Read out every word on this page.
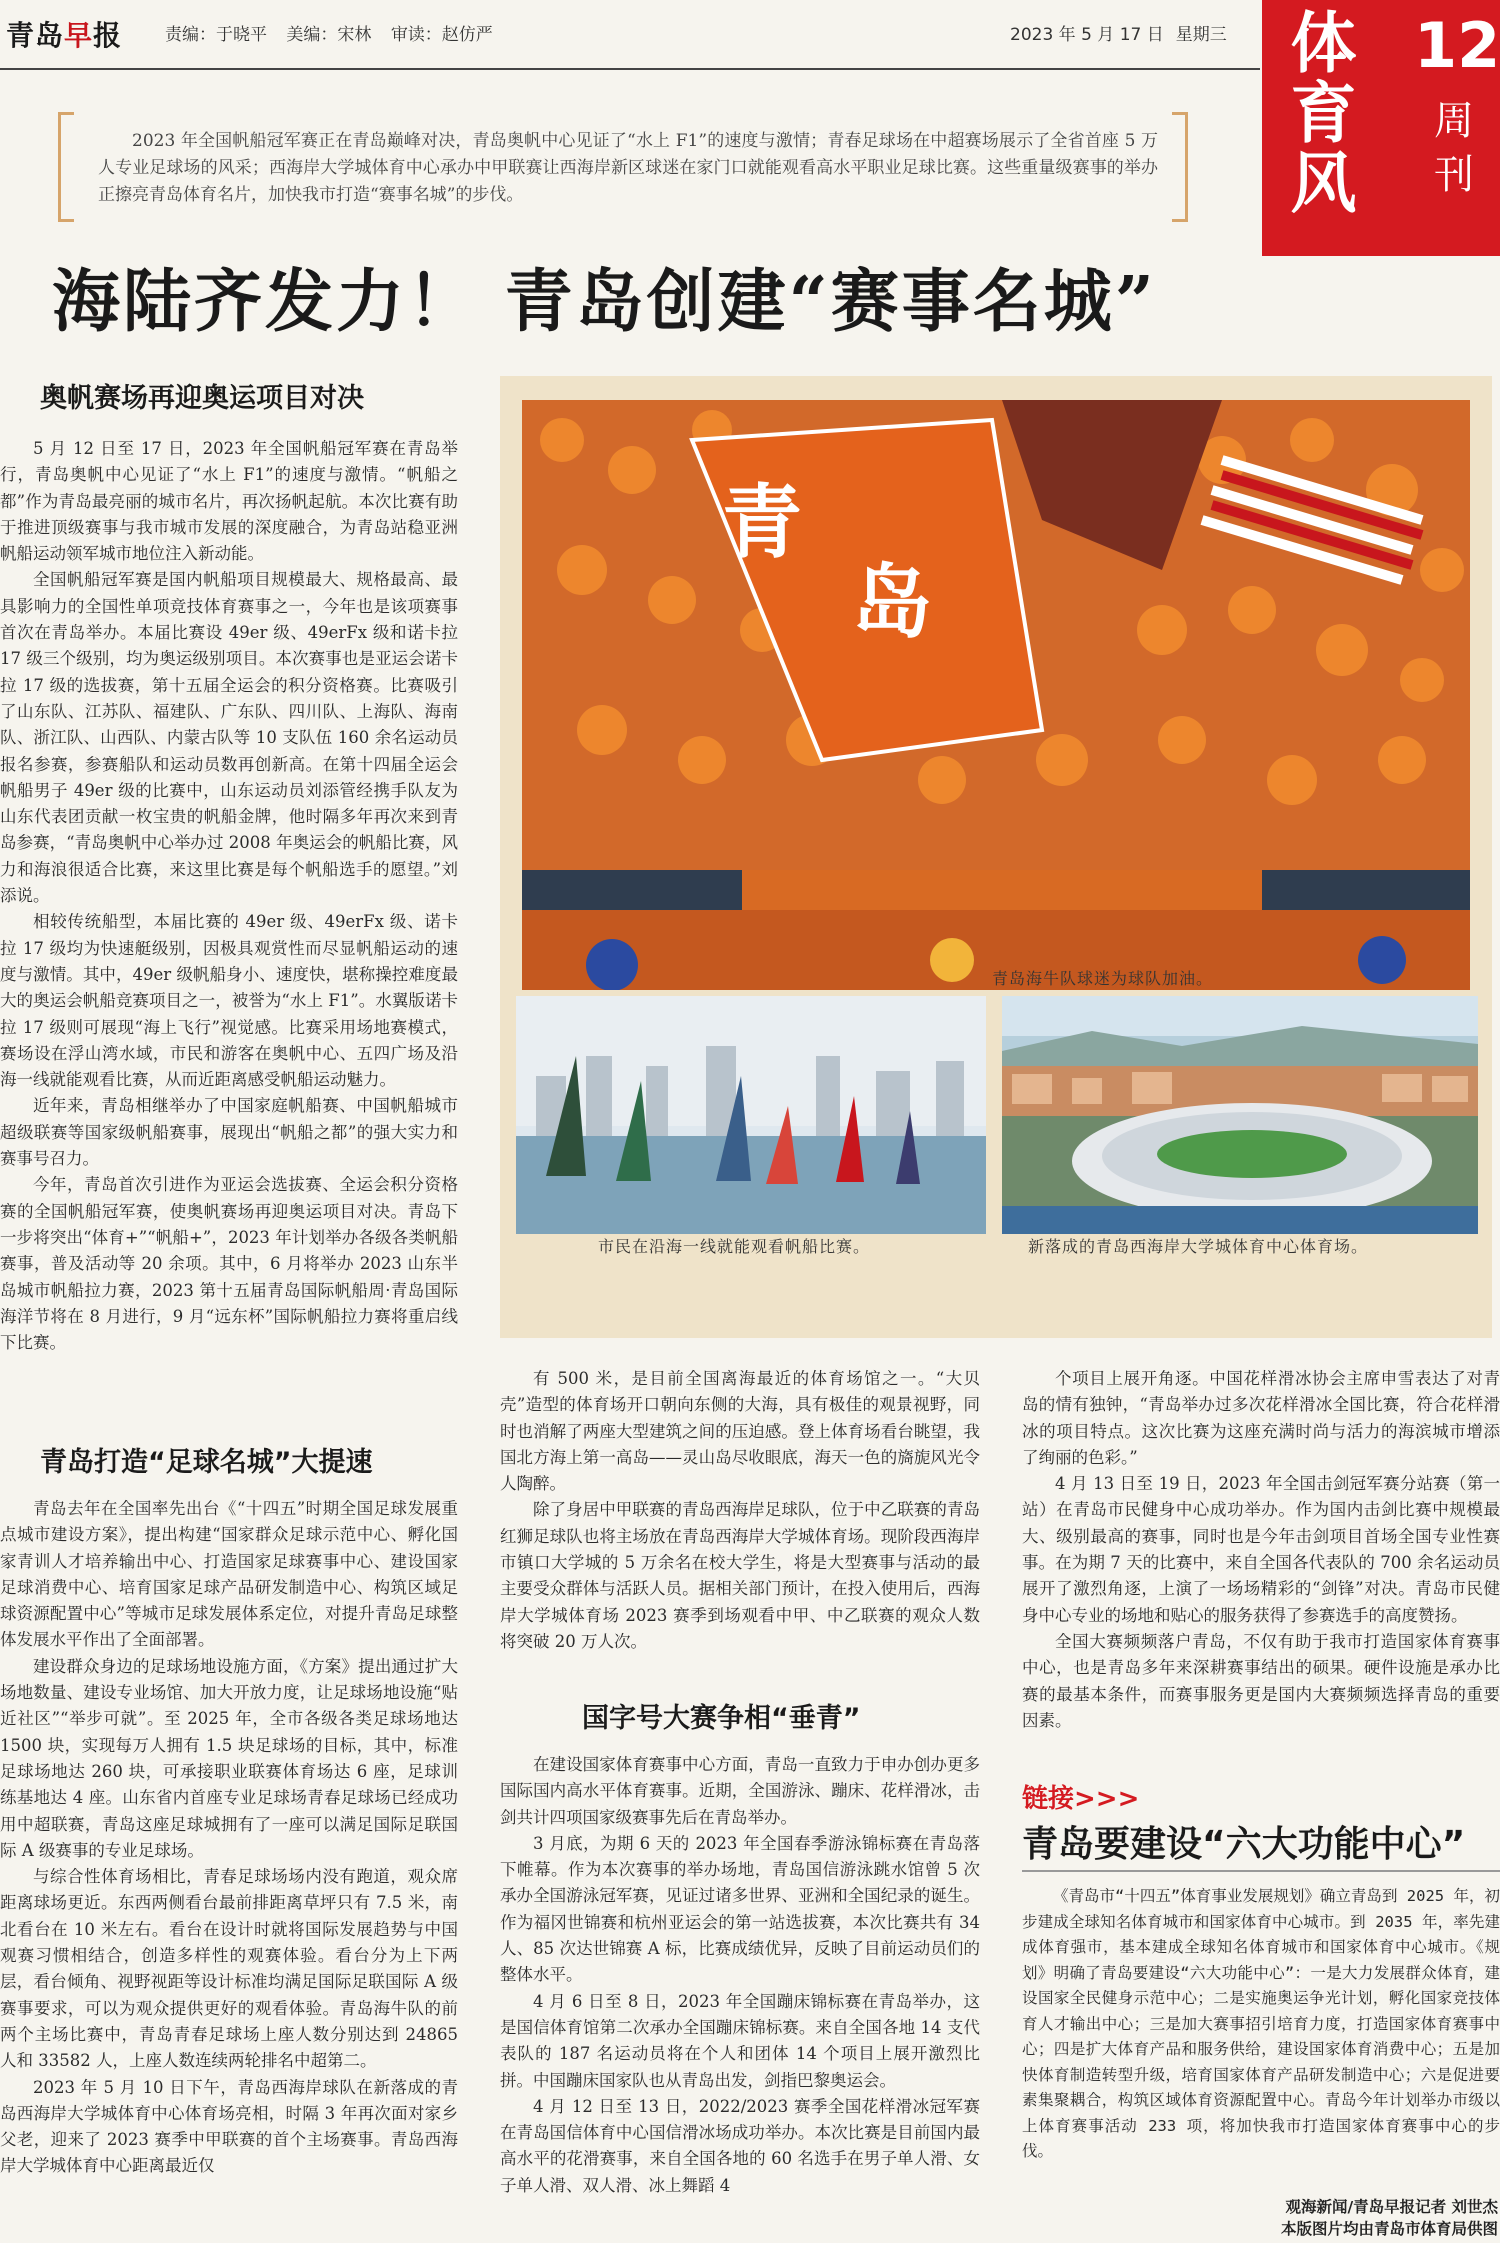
青岛早报	责编：于晓平 美编：宋林 审读：赵仿严	2023 年 5 月 17 日 星期三 体育风 12
周
刊

2023 年全国帆船冠军赛正在青岛巅峰对决，青岛奥帆中心见证了“水上 F1”的速度与激情；青春足球场在中超赛场展示了全省首座 5 万人专业足球场的风采；西海岸大学城体育中心承办中甲联赛让西海岸新区球迷在家门口就能观看高水平职业足球比赛。这些重量级赛事的举办正擦亮青岛体育名片，加快我市打造“赛事名城”的步伐。

海陆齐发力！ 青岛创建“赛事名城”
奥帆赛场再迎奥运项目对决

5 月 12 日至 17 日，2023 年全国帆船冠军赛在青岛举行，青岛奥帆中心见证了“水上 F1”的速度与激情。“帆船之都”作为青岛最亮丽的城市名片，再次扬帆起航。本次比赛有助于推进顶级赛事与我市城市发展的深度融合，为青岛站稳亚洲帆船运动领军城市地位注入新动能。

全国帆船冠军赛是国内帆船项目规模最大、规格最高、最具影响力的全国性单项竞技体育赛事之一，今年也是该项赛事首次在青岛举办。本届比赛设 49er 级、49erFx 级和诺卡拉 17 级三个级别，均为奥运级别项目。本次赛事也是亚运会诺卡拉 17 级的选拔赛，第十五届全运会的积分资格赛。比赛吸引了山东队、江苏队、福建队、广东队、四川队、上海队、海南队、浙江队、山西队、内蒙古队等 10 支队伍 160 余名运动员报名参赛，参赛船队和运动员数再创新高。在第十四届全运会帆船男子 49er 级的比赛中，山东运动员刘添管经携手队友为山东代表团贡献一枚宝贵的帆船金牌，他时隔多年再次来到青岛参赛，“青岛奥帆中心举办过 2008 年奥运会的帆船比赛，风力和海浪很适合比赛，来这里比赛是每个帆船选手的愿望。”刘添说。

相较传统船型，本届比赛的 49er 级、49erFx 级、诺卡拉 17 级均为快速艇级别，因极具观赏性而尽显帆船运动的速度与激情。其中，49er 级帆船身小、速度快，堪称操控难度最大的奥运会帆船竞赛项目之一，被誉为“水上 F1”。水翼版诺卡拉 17 级则可展现“海上飞行”视觉感。比赛采用场地赛模式，赛场设在浮山湾水域，市民和游客在奥帆中心、五四广场及沿海一线就能观看比赛，从而近距离感受帆船运动魅力。

近年来，青岛相继举办了中国家庭帆船赛、中国帆船城市超级联赛等国家级帆船赛事，展现出“帆船之都”的强大实力和赛事号召力。

今年，青岛首次引进作为亚运会选拔赛、全运会积分资格赛的全国帆船冠军赛，使奥帆赛场再迎奥运项目对决。青岛下一步将突出“体育+”“帆船+”，2023 年计划举办各级各类帆船赛事，普及活动等 20 余项。其中，6 月将举办 2023 山东半岛城市帆船拉力赛，2023 第十五届青岛国际帆船周·青岛国际海洋节将在 8 月进行，9 月“远东杯”国际帆船拉力赛将重启线下比赛。

青岛打造“足球名城”大提速

青岛去年在全国率先出台《“十四五”时期全国足球发展重点城市建设方案》，提出构建“国家群众足球示范中心、孵化国家青训人才培养输出中心、打造国家足球赛事中心、建设国家足球消费中心、培育国家足球产品研发制造中心、构筑区域足球资源配置中心”等城市足球发展体系定位，对提升青岛足球整体发展水平作出了全面部署。

建设群众身边的足球场地设施方面，《方案》提出通过扩大场地数量、建设专业场馆、加大开放力度，让足球场地设施“贴近社区”“举步可就”。至 2025 年，全市各级各类足球场地达 1500 块，实现每万人拥有 1.5 块足球场的目标，其中，标准足球场地达 260 块，可承接职业联赛体育场达 6 座，足球训练基地达 4 座。山东省内首座专业足球场青春足球场已经成功用中超联赛，青岛这座足球城拥有了一座可以满足国际足联国际 A 级赛事的专业足球场。

与综合性体育场相比，青春足球场场内没有跑道，观众席距离球场更近。东西两侧看台最前排距离草坪只有 7.5 米，南北看台在 10 米左右。看台在设计时就将国际发展趋势与中国观赛习惯相结合，创造多样性的观赛体验。看台分为上下两层，看台倾角、视野视距等设计标准均满足国际足联国际 A 级赛事要求，可以为观众提供更好的观看体验。青岛海牛队的前两个主场比赛中，青岛青春足球场上座人数分别达到 24865 人和 33582 人，上座人数连续两轮排名中超第二。

2023 年 5 月 10 日下午，青岛西海岸球队在新落成的青岛西海岸大学城体育中心体育场亮相，时隔 3 年再次面对家乡父老，迎来了 2023 赛季中甲联赛的首个主场赛事。青岛西海岸大学城体育中心距离最近仅

青
岛
青岛海牛队球迷为球队加油。
市民在沿海一线就能观看帆船比赛。	新落成的青岛西海岸大学城体育中心体育场。

有 500 米，是目前全国离海最近的体育场馆之一。“大贝壳”造型的体育场开口朝向东侧的大海，具有极佳的观景视野，同时也消解了两座大型建筑之间的压迫感。登上体育场看台眺望，我国北方海上第一高岛——灵山岛尽收眼底，海天一色的旖旎风光令人陶醉。

除了身居中甲联赛的青岛西海岸足球队，位于中乙联赛的青岛红狮足球队也将主场放在青岛西海岸大学城体育场。现阶段西海岸市镇口大学城的 5 万余名在校大学生，将是大型赛事与活动的最主要受众群体与活跃人员。据相关部门预计，在投入使用后，西海岸大学城体育场 2023 赛季到场观看中甲、中乙联赛的观众人数将突破 20 万人次。

国字号大赛争相“垂青”

在建设国家体育赛事中心方面，青岛一直致力于申办创办更多国际国内高水平体育赛事。近期，全国游泳、蹦床、花样滑冰，击剑共计四项国家级赛事先后在青岛举办。

3 月底，为期 6 天的 2023 年全国春季游泳锦标赛在青岛落下帷幕。作为本次赛事的举办场地，青岛国信游泳跳水馆曾 5 次承办全国游泳冠军赛，见证过诸多世界、亚洲和全国纪录的诞生。作为福冈世锦赛和杭州亚运会的第一站选拔赛，本次比赛共有 34 人、85 次达世锦赛 A 标，比赛成绩优异，反映了目前运动员们的整体水平。

4 月 6 日至 8 日，2023 年全国蹦床锦标赛在青岛举办，这是国信体育馆第二次承办全国蹦床锦标赛。来自全国各地 14 支代表队的 187 名运动员将在个人和团体 14 个项目上展开激烈比拼。中国蹦床国家队也从青岛出发，剑指巴黎奥运会。

4 月 12 日至 13 日，2022/2023 赛季全国花样滑冰冠军赛在青岛国信体育中心国信滑冰场成功举办。本次比赛是目前国内最高水平的花滑赛事，来自全国各地的 60 名选手在男子单人滑、女子单人滑、双人滑、冰上舞蹈 4

个项目上展开角逐。中国花样滑冰协会主席申雪表达了对青岛的情有独钟，“青岛举办过多次花样滑冰全国比赛，符合花样滑冰的项目特点。这次比赛为这座充满时尚与活力的海滨城市增添了绚丽的色彩。”

4 月 13 日至 19 日，2023 年全国击剑冠军赛分站赛（第一站）在青岛市民健身中心成功举办。作为国内击剑比赛中规模最大、级别最高的赛事，同时也是今年击剑项目首场全国专业性赛事。在为期 7 天的比赛中，来自全国各代表队的 700 余名运动员展开了激烈角逐，上演了一场场精彩的“剑锋”对决。青岛市民健身中心专业的场地和贴心的服务获得了参赛选手的高度赞扬。

全国大赛频频落户青岛，不仅有助于我市打造国家体育赛事中心，也是青岛多年来深耕赛事结出的硕果。硬件设施是承办比赛的最基本条件，而赛事服务更是国内大赛频频选择青岛的重要因素。

链接>>>
青岛要建设“六大功能中心”

《青岛市“十四五”体育事业发展规划》确立青岛到 2025 年，初步建成全球知名体育城市和国家体育中心城市。到 2035 年，率先建成体育强市，基本建成全球知名体育城市和国家体育中心城市。《规划》明确了青岛要建设“六大功能中心”：一是大力发展群众体育，建设国家全民健身示范中心；二是实施奥运争光计划，孵化国家竞技体育人才输出中心；三是加大赛事招引培育力度，打造国家体育赛事中心；四是扩大体育产品和服务供给，建设国家体育消费中心；五是加快体育制造转型升级，培育国家体育产品研发制造中心；六是促进要素集聚耦合，构筑区域体育资源配置中心。青岛今年计划举办市级以上体育赛事活动 233 项，将加快我市打造国家体育赛事中心的步伐。

观海新闻/青岛早报记者 刘世杰
本版图片均由青岛市体育局供图
